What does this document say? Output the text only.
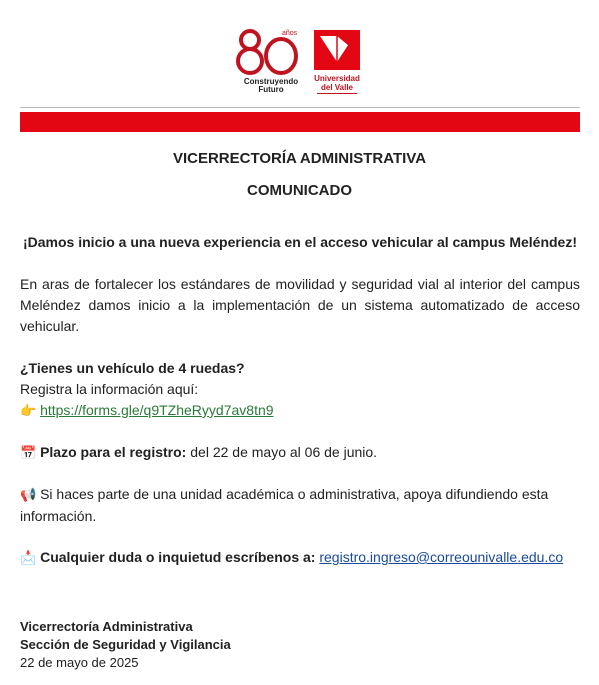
años
Construyendo
Futuro
Universidad
del Valle
VICERRECTORÍA ADMINISTRATIVA
COMUNICADO
¡Damos inicio a una nueva experiencia en el acceso vehicular al campus Meléndez!
En aras de fortalecer los estándares de movilidad y seguridad vial al interior del campus Meléndez damos inicio a la implementación de un sistema automatizado de acceso vehicular.
¿Tienes un vehículo de 4 ruedas?
Registra la información aquí:
👉 https://forms.gle/q9TZheRyyd7av8tn9
📅 Plazo para el registro: del 22 de mayo al 06 de junio.
📢 Si haces parte de una unidad académica o administrativa, apoya difundiendo esta información.
📩 Cualquier duda o inquietud escríbenos a: registro.ingreso@correounivalle.edu.co
Vicerrectoría Administrativa
Sección de Seguridad y Vigilancia
22 de mayo de 2025
